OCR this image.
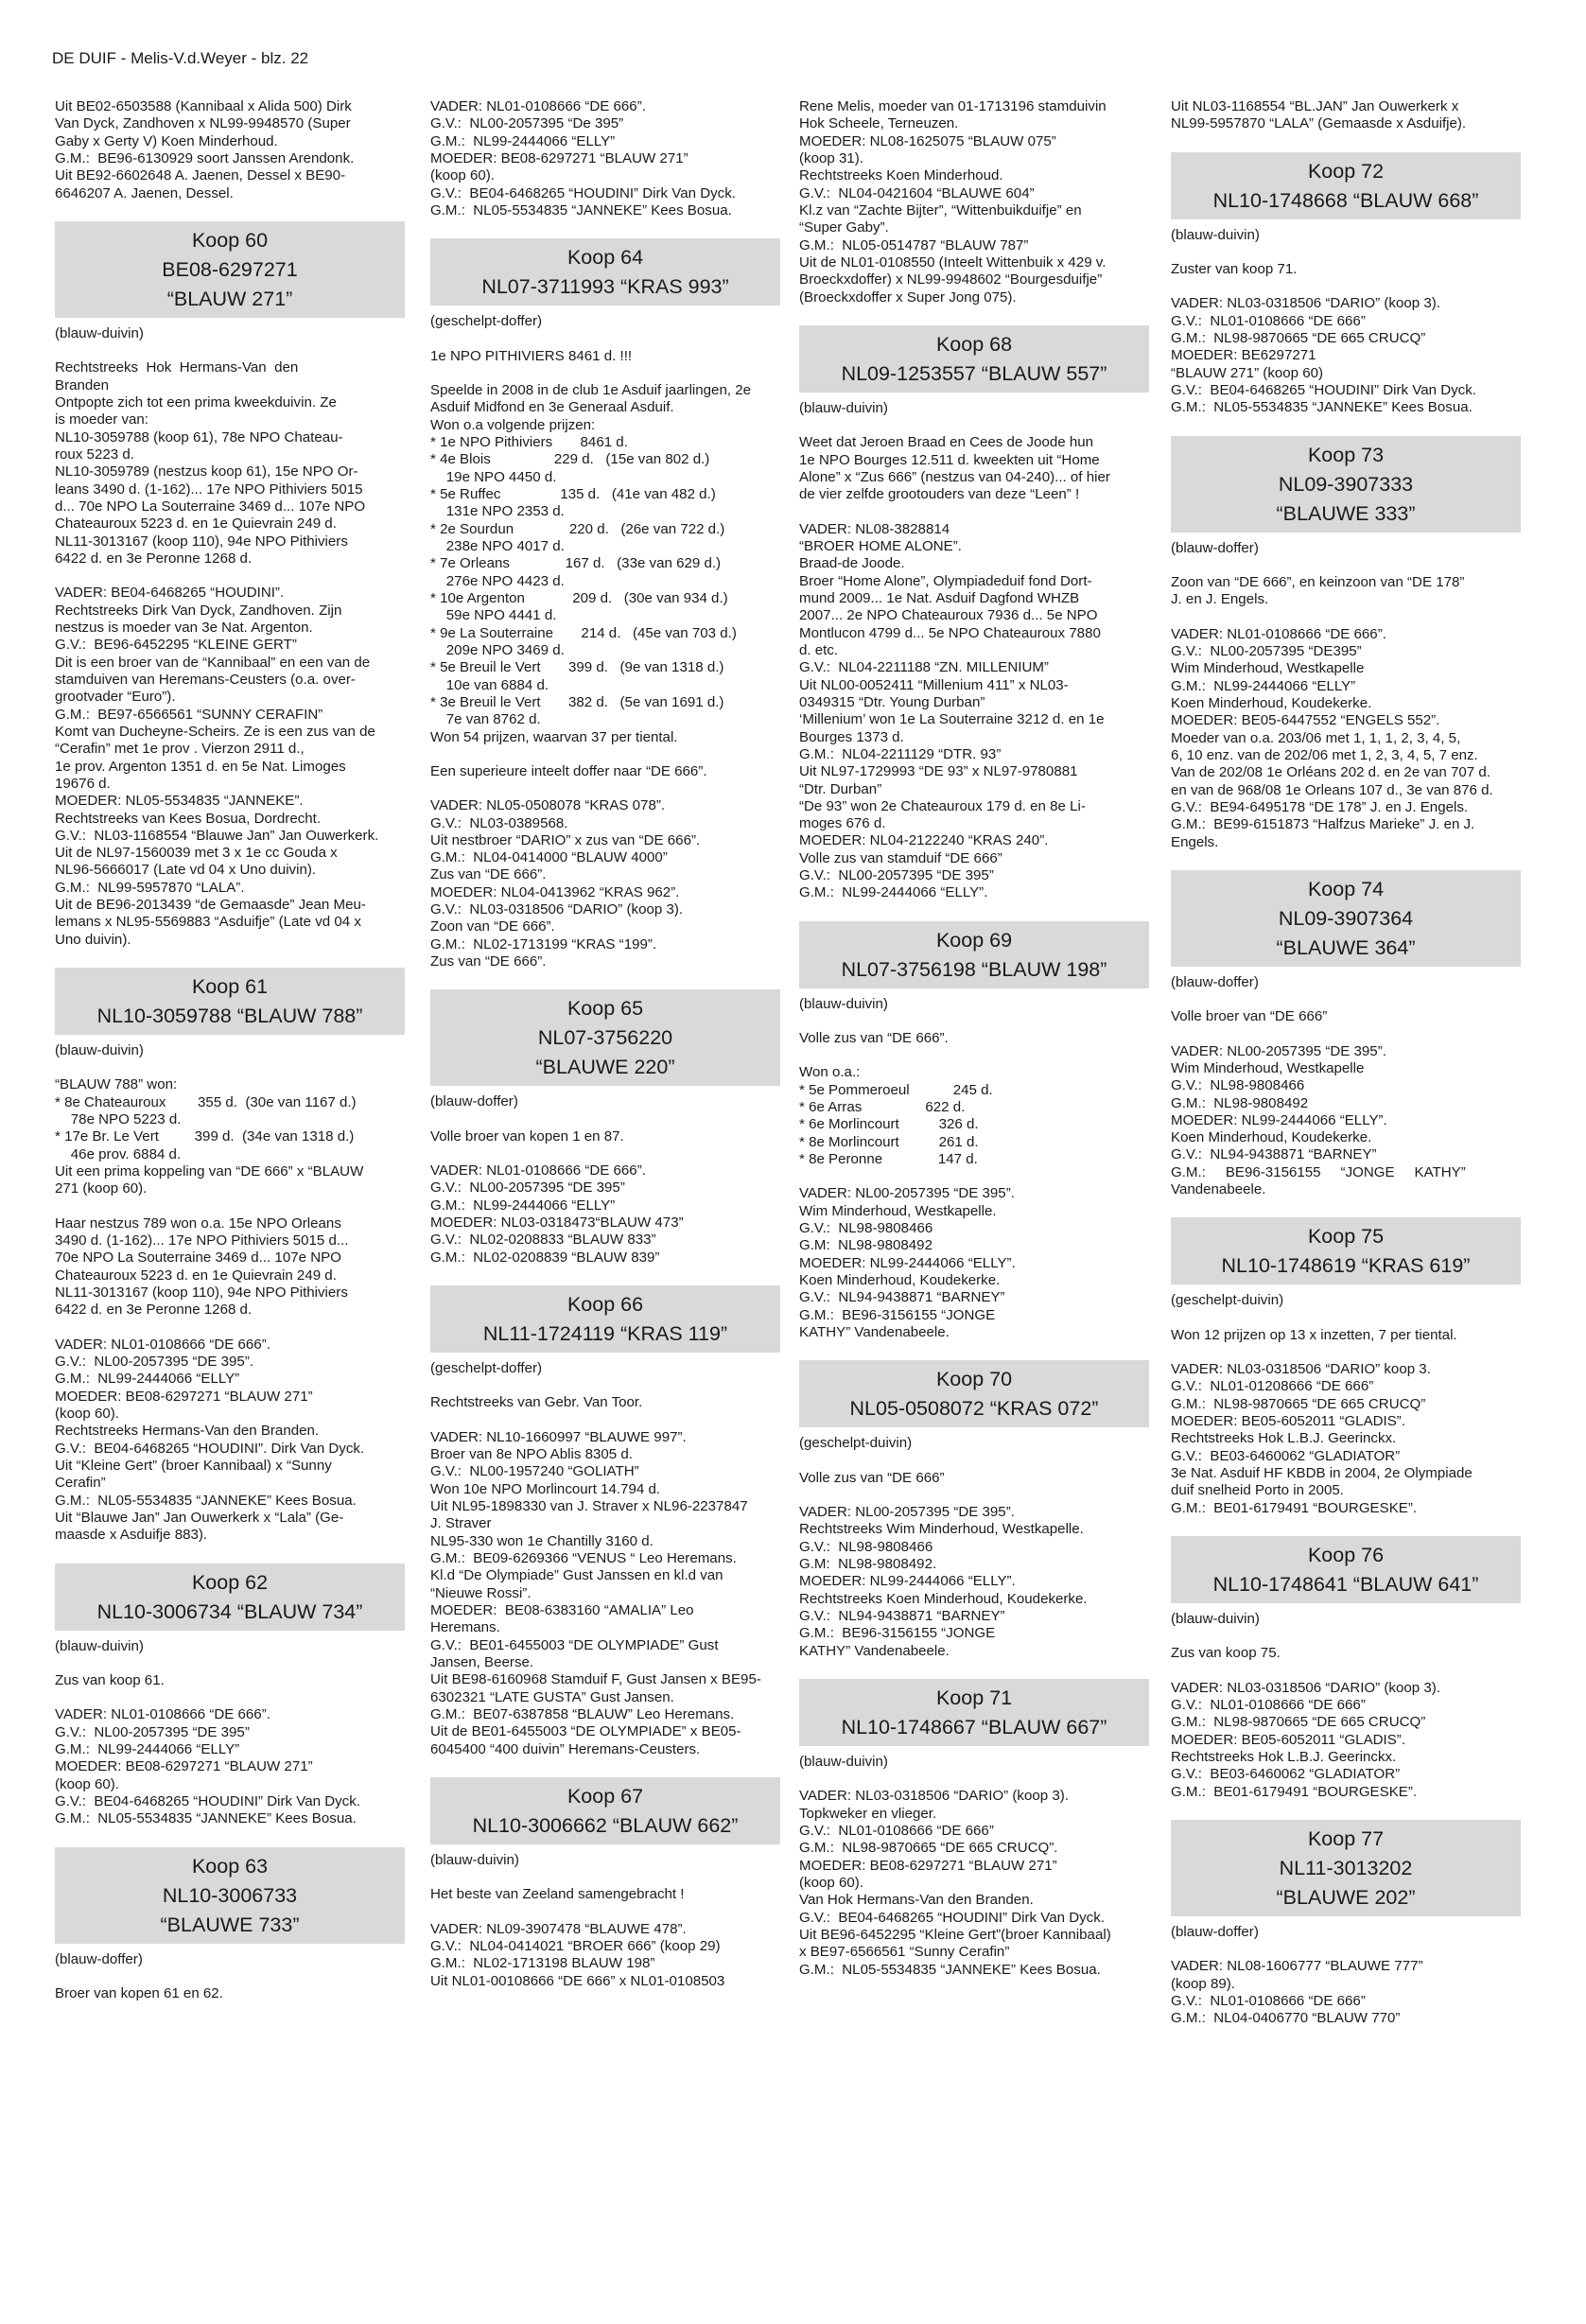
DE DUIF - Melis-V.d.Weyer - blz. 22

Uit BE02-6503588 (Kannibaal x Alida 500) Dirk
Van Dyck, Zandhoven x NL99-9948570 (Super
Gaby x Gerty V) Koen Minderhoud.
G.M.:  BE96-6130929 soort Janssen Arendonk.
Uit BE92-6602648 A. Jaenen, Dessel x BE90-
6646207 A. Jaenen, Dessel.

Koop 60
BE08-6297271
“BLAUW 271”

(blauw-duivin)

Rechtstreeks  Hok  Hermans-Van  den
Branden
Ontpopte zich tot een prima kweekduivin. Ze
is moeder van:
NL10-3059788 (koop 61), 78e NPO Chateau-
roux 5223 d.
NL10-3059789 (nestzus koop 61), 15e NPO Or-
leans 3490 d. (1-162)... 17e NPO Pithiviers 5015
d... 70e NPO La Souterraine 3469 d... 107e NPO
Chateauroux 5223 d. en 1e Quievrain 249 d.
NL11-3013167 (koop 110), 94e NPO Pithiviers
6422 d. en 3e Peronne 1268 d.

VADER: BE04-6468265 “HOUDINI”.
Rechtstreeks Dirk Van Dyck, Zandhoven. Zijn
nestzus is moeder van 3e Nat. Argenton.
G.V.:  BE96-6452295 “KLEINE GERT”
Dit is een broer van de “Kannibaal” en een van de
stamduiven van Heremans-Ceusters (o.a. over-
grootvader “Euro”).
G.M.:  BE97-6566561 “SUNNY CERAFIN”
Komt van Ducheyne-Scheirs. Ze is een zus van de
“Cerafin” met 1e prov . Vierzon 2911 d.,
1e prov. Argenton 1351 d. en 5e Nat. Limoges
19676 d.
MOEDER: NL05-5534835 “JANNEKE”.
Rechtstreeks van Kees Bosua, Dordrecht.
G.V.:  NL03-1168554 “Blauwe Jan” Jan Ouwerkerk.
Uit de NL97-1560039 met 3 x 1e cc Gouda x
NL96-5666017 (Late vd 04 x Uno duivin).
G.M.:  NL99-5957870 “LALA”.
Uit de BE96-2013439 “de Gemaasde” Jean Meu-
lemans x NL95-5569883 “Asduifje” (Late vd 04 x
Uno duivin).

Koop 61
NL10-3059788 “BLAUW 788”

(blauw-duivin)

“BLAUW 788” won:
* 8e Chateauroux        355 d.  (30e van 1167 d.)
78e NPO 5223 d.
* 17e Br. Le Vert         399 d.  (34e van 1318 d.)
46e prov. 6884 d.
Uit een prima koppeling van “DE 666” x “BLAUW
271 (koop 60).

Haar nestzus 789 won o.a. 15e NPO Orleans
3490 d. (1-162)... 17e NPO Pithiviers 5015 d...
70e NPO La Souterraine 3469 d... 107e NPO
Chateauroux 5223 d. en 1e Quievrain 249 d.
NL11-3013167 (koop 110), 94e NPO Pithiviers
6422 d. en 3e Peronne 1268 d.

VADER: NL01-0108666 “DE 666”.
G.V.:  NL00-2057395 “DE 395”.
G.M.:  NL99-2444066 “ELLY”
MOEDER: BE08-6297271 “BLAUW 271”
(koop 60).
Rechtstreeks Hermans-Van den Branden.
G.V.:  BE04-6468265 “HOUDINI”. Dirk Van Dyck.
Uit “Kleine Gert” (broer Kannibaal) x “Sunny
Cerafin”
G.M.:  NL05-5534835 “JANNEKE” Kees Bosua.
Uit “Blauwe Jan” Jan Ouwerkerk x “Lala” (Ge-
maasde x Asduifje 883).

Koop 62
NL10-3006734 “BLAUW 734”

(blauw-duivin)

Zus van koop 61.

VADER: NL01-0108666 “DE 666”.
G.V.:  NL00-2057395 “DE 395”
G.M.:  NL99-2444066 “ELLY”
MOEDER: BE08-6297271 “BLAUW 271”
(koop 60).
G.V.:  BE04-6468265 “HOUDINI” Dirk Van Dyck.
G.M.:  NL05-5534835 “JANNEKE” Kees Bosua.

Koop 63
NL10-3006733
“BLAUWE 733”

(blauw-doffer)

Broer van kopen 61 en 62.

VADER: NL01-0108666 “DE 666”.
G.V.:  NL00-2057395 “De 395”
G.M.:  NL99-2444066 “ELLY”
MOEDER: BE08-6297271 “BLAUW 271”
(koop 60).
G.V.:  BE04-6468265 “HOUDINI” Dirk Van Dyck.
G.M.:  NL05-5534835 “JANNEKE” Kees Bosua.

Koop 64
NL07-3711993 “KRAS 993”

(geschelpt-doffer)

1e NPO PITHIVIERS 8461 d. !!!

Speelde in 2008 in de club 1e Asduif jaarlingen, 2e
Asduif Midfond en 3e Generaal Asduif.
Won o.a volgende prijzen:
* 1e NPO Pithiviers       8461 d.
* 4e Blois                229 d.   (15e van 802 d.)
19e NPO 4450 d.
* 5e Ruffec               135 d.   (41e van 482 d.)
131e NPO 2353 d.
* 2e Sourdun              220 d.   (26e van 722 d.)
238e NPO 4017 d.
* 7e Orleans              167 d.   (33e van 629 d.)
276e NPO 4423 d.
* 10e Argenton            209 d.   (30e van 934 d.)
59e NPO 4441 d.
* 9e La Souterraine       214 d.   (45e van 703 d.)
209e NPO 3469 d.
* 5e Breuil le Vert       399 d.   (9e van 1318 d.)
10e van 6884 d.
* 3e Breuil le Vert       382 d.   (5e van 1691 d.)
7e van 8762 d.
Won 54 prijzen, waarvan 37 per tiental.

Een superieure inteelt doffer naar “DE 666”.

VADER: NL05-0508078 “KRAS 078”.
G.V.:  NL03-0389568.
Uit nestbroer “DARIO” x zus van “DE 666”.
G.M.:  NL04-0414000 “BLAUW 4000”
Zus van “DE 666”.
MOEDER: NL04-0413962 “KRAS 962”.
G.V.:  NL03-0318506 “DARIO” (koop 3).
Zoon van “DE 666”.
G.M.:  NL02-1713199 “KRAS “199”.
Zus van “DE 666”.

Koop 65
NL07-3756220
“BLAUWE 220”

(blauw-doffer)

Volle broer van kopen 1 en 87.

VADER: NL01-0108666 “DE 666”.
G.V.:  NL00-2057395 “DE 395”
G.M.:  NL99-2444066 “ELLY”
MOEDER: NL03-0318473“BLAUW 473”
G.V.:  NL02-0208833 “BLAUW 833”
G.M.:  NL02-0208839 “BLAUW 839”

Koop 66
NL11-1724119 “KRAS 119”

(geschelpt-doffer)

Rechtstreeks van Gebr. Van Toor.

VADER: NL10-1660997 “BLAUWE 997”.
Broer van 8e NPO Ablis 8305 d.
G.V.:  NL00-1957240 “GOLIATH”
Won 10e NPO Morlincourt 14.794 d.
Uit NL95-1898330 van J. Straver x NL96-2237847
J. Straver
NL95-330 won 1e Chantilly 3160 d.
G.M.:  BE09-6269366 “VENUS “ Leo Heremans.
Kl.d “De Olympiade” Gust Janssen en kl.d van
“Nieuwe Rossi”.
MOEDER:  BE08-6383160 “AMALIA” Leo
Heremans.
G.V.:  BE01-6455003 “DE OLYMPIADE” Gust
Jansen, Beerse.
Uit BE98-6160968 Stamduif F, Gust Jansen x BE95-
6302321 “LATE GUSTA” Gust Jansen.
G.M.:  BE07-6387858 “BLAUW” Leo Heremans.
Uit de BE01-6455003 “DE OLYMPIADE” x BE05-
6045400 “400 duivin” Heremans-Ceusters.

Koop 67
NL10-3006662 “BLAUW 662”

(blauw-duivin)

Het beste van Zeeland samengebracht !

VADER: NL09-3907478 “BLAUWE 478”.
G.V.:  NL04-0414021 “BROER 666” (koop 29)
G.M.:  NL02-1713198 BLAUW 198”
Uit NL01-00108666 “DE 666” x NL01-0108503

Rene Melis, moeder van 01-1713196 stamduivin
Hok Scheele, Terneuzen.
MOEDER: NL08-1625075 “BLAUW 075”
(koop 31).
Rechtstreeks Koen Minderhoud.
G.V.:  NL04-0421604 “BLAUWE 604”
Kl.z van “Zachte Bijter”, “Wittenbuikduifje” en
“Super Gaby”.
G.M.:  NL05-0514787 “BLAUW 787”
Uit de NL01-0108550 (Inteelt Wittenbuik x 429 v.
Broeckxdoffer) x NL99-9948602 “Bourgesduifje”
(Broeckxdoffer x Super Jong 075).

Koop 68
NL09-1253557 “BLAUW 557”

(blauw-duivin)

Weet dat Jeroen Braad en Cees de Joode hun
1e NPO Bourges 12.511 d. kweekten uit “Home
Alone” x “Zus 666” (nestzus van 04-240)... of hier
de vier zelfde grootouders van deze “Leen” !

VADER: NL08-3828814
“BROER HOME ALONE”.
Braad-de Joode.
Broer “Home Alone”, Olympiadeduif fond Dort-
mund 2009... 1e Nat. Asduif Dagfond WHZB
2007... 2e NPO Chateauroux 7936 d... 5e NPO
Montlucon 4799 d... 5e NPO Chateauroux 7880
d. etc.
G.V.:  NL04-2211188 “ZN. MILLENIUM”
Uit NL00-0052411 “Millenium 411” x NL03-
0349315 “Dtr. Young Durban”
‘Millenium’ won 1e La Souterraine 3212 d. en 1e
Bourges 1373 d.
G.M.:  NL04-2211129 “DTR. 93”
Uit NL97-1729993 “DE 93” x NL97-9780881
“Dtr. Durban”
“De 93” won 2e Chateauroux 179 d. en 8e Li-
moges 676 d.
MOEDER: NL04-2122240 “KRAS 240”.
Volle zus van stamduif “DE 666”
G.V.:  NL00-2057395 “DE 395”
G.M.:  NL99-2444066 “ELLY”.

Koop 69
NL07-3756198 “BLAUW 198”

(blauw-duivin)

Volle zus van “DE 666”.

Won o.a.:
* 5e Pommeroeul           245 d.
* 6e Arras                622 d.
* 6e Morlincourt          326 d.
* 8e Morlincourt          261 d.
* 8e Peronne              147 d.

VADER: NL00-2057395 “DE 395”.
Wim Minderhoud, Westkapelle.
G.V.:  NL98-9808466
G.M:  NL98-9808492
MOEDER: NL99-2444066 “ELLY”.
Koen Minderhoud, Koudekerke.
G.V.:  NL94-9438871 “BARNEY”
G.M.:  BE96-3156155 “JONGE
KATHY” Vandenabeele.

Koop 70
NL05-0508072 “KRAS 072”

(geschelpt-duivin)

Volle zus van “DE 666”

VADER: NL00-2057395 “DE 395”.
Rechtstreeks Wim Minderhoud, Westkapelle.
G.V.:  NL98-9808466
G.M:  NL98-9808492.
MOEDER: NL99-2444066 “ELLY”.
Rechtstreeks Koen Minderhoud, Koudekerke.
G.V.:  NL94-9438871 “BARNEY”
G.M.:  BE96-3156155 “JONGE
KATHY” Vandenabeele.

Koop 71
NL10-1748667 “BLAUW 667”

(blauw-duivin)

VADER: NL03-0318506 “DARIO” (koop 3).
Topkweker en vlieger.
G.V.:  NL01-0108666 “DE 666”
G.M.:  NL98-9870665 “DE 665 CRUCQ”.
MOEDER: BE08-6297271 “BLAUW 271”
(koop 60).
Van Hok Hermans-Van den Branden.
G.V.:  BE04-6468265 “HOUDINI” Dirk Van Dyck.
Uit BE96-6452295 “Kleine Gert”(broer Kannibaal)
x BE97-6566561 “Sunny Cerafin”
G.M.:  NL05-5534835 “JANNEKE” Kees Bosua.

Uit NL03-1168554 “BL.JAN” Jan Ouwerkerk x
NL99-5957870 “LALA” (Gemaasde x Asduifje).

Koop 72
NL10-1748668 “BLAUW 668”

(blauw-duivin)

Zuster van koop 71.

VADER: NL03-0318506 “DARIO” (koop 3).
G.V.:  NL01-0108666 “DE 666”
G.M.:  NL98-9870665 “DE 665 CRUCQ”
MOEDER: BE6297271
“BLAUW 271” (koop 60)
G.V.:  BE04-6468265 “HOUDINI” Dirk Van Dyck.
G.M.:  NL05-5534835 “JANNEKE” Kees Bosua.

Koop 73
NL09-3907333
“BLAUWE 333”

(blauw-doffer)

Zoon van “DE 666”, en keinzoon van “DE 178”
J. en J. Engels.

VADER: NL01-0108666 “DE 666”.
G.V.:  NL00-2057395 “DE395”
Wim Minderhoud, Westkapelle
G.M.:  NL99-2444066 “ELLY”
Koen Minderhoud, Koudekerke.
MOEDER: BE05-6447552 “ENGELS 552”.
Moeder van o.a. 203/06 met 1, 1, 1, 2, 3, 4, 5,
6, 10 enz. van de 202/06 met 1, 2, 3, 4, 5, 7 enz.
Van de 202/08 1e Orléans 202 d. en 2e van 707 d.
en van de 968/08 1e Orleans 107 d., 3e van 876 d.
G.V.:  BE94-6495178 “DE 178” J. en J. Engels.
G.M.:  BE99-6151873 “Halfzus Marieke” J. en J.
Engels.

Koop 74
NL09-3907364
“BLAUWE 364”

(blauw-doffer)

Volle broer van “DE 666”

VADER: NL00-2057395 “DE 395”.
Wim Minderhoud, Westkapelle
G.V.:  NL98-9808466
G.M.:  NL98-9808492
MOEDER: NL99-2444066 “ELLY”.
Koen Minderhoud, Koudekerke.
G.V.:  NL94-9438871 “BARNEY”
G.M.:     BE96-3156155     “JONGE     KATHY”
Vandenabeele.

Koop 75
NL10-1748619 “KRAS 619”

(geschelpt-duivin)

Won 12 prijzen op 13 x inzetten, 7 per tiental.

VADER: NL03-0318506 “DARIO” koop 3.
G.V.:  NL01-01208666 “DE 666”
G.M.:  NL98-9870665 “DE 665 CRUCQ”
MOEDER: BE05-6052011 “GLADIS”.
Rechtstreeks Hok L.B.J. Geerinckx.
G.V.:  BE03-6460062 “GLADIATOR”
3e Nat. Asduif HF KBDB in 2004, 2e Olympiade
duif snelheid Porto in 2005.
G.M.:  BE01-6179491 “BOURGESKE”.

Koop 76
NL10-1748641 “BLAUW 641”

(blauw-duivin)

Zus van koop 75.

VADER: NL03-0318506 “DARIO” (koop 3).
G.V.:  NL01-0108666 “DE 666”
G.M.:  NL98-9870665 “DE 665 CRUCQ”
MOEDER: BE05-6052011 “GLADIS”.
Rechtstreeks Hok L.B.J. Geerinckx.
G.V.:  BE03-6460062 “GLADIATOR”
G.M.:  BE01-6179491 “BOURGESKE”.

Koop 77
NL11-3013202
“BLAUWE 202”

(blauw-doffer)

VADER: NL08-1606777 “BLAUWE 777”
(koop 89).
G.V.:  NL01-0108666 “DE 666”
G.M.:  NL04-0406770 “BLAUW 770”
